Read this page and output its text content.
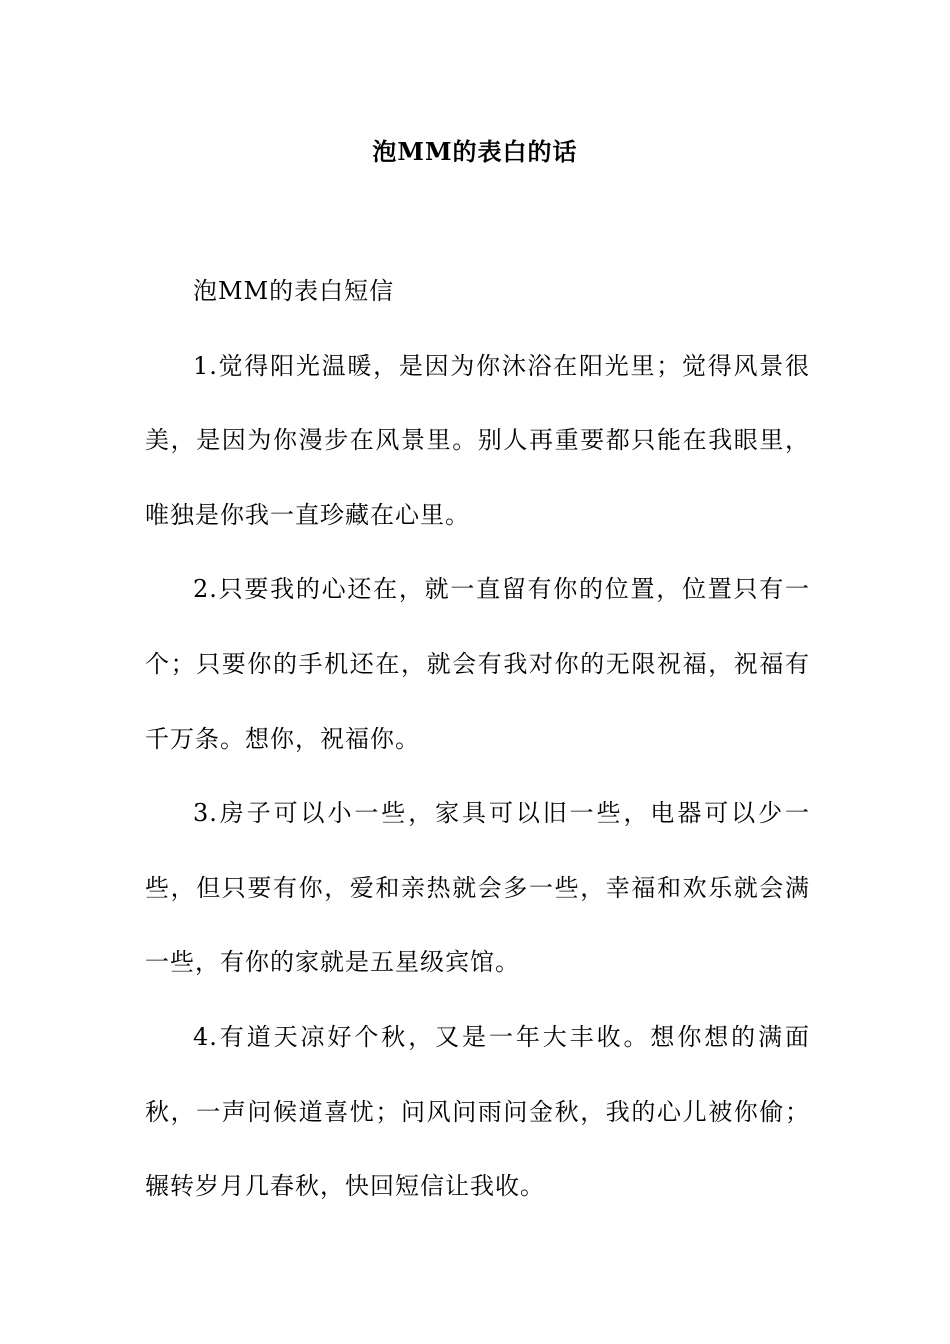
泡MM的表白的话

泡MM的表白短信

1.觉得阳光温暖，是因为你沐浴在阳光里；觉得风景很美，是因为你漫步在风景里。别人再重要都只能在我眼里，唯独是你我一直珍藏在心里。

2.只要我的心还在，就一直留有你的位置，位置只有一个；只要你的手机还在，就会有我对你的无限祝福，祝福有千万条。想你，祝福你。

3.房子可以小一些，家具可以旧一些，电器可以少一些，但只要有你，爱和亲热就会多一些，幸福和欢乐就会满一些，有你的家就是五星级宾馆。

4.有道天凉好个秋，又是一年大丰收。想你想的满面秋，一声问候道喜忧；问风问雨问金秋，我的心儿被你偷；辗转岁月几春秋，快回短信让我收。
